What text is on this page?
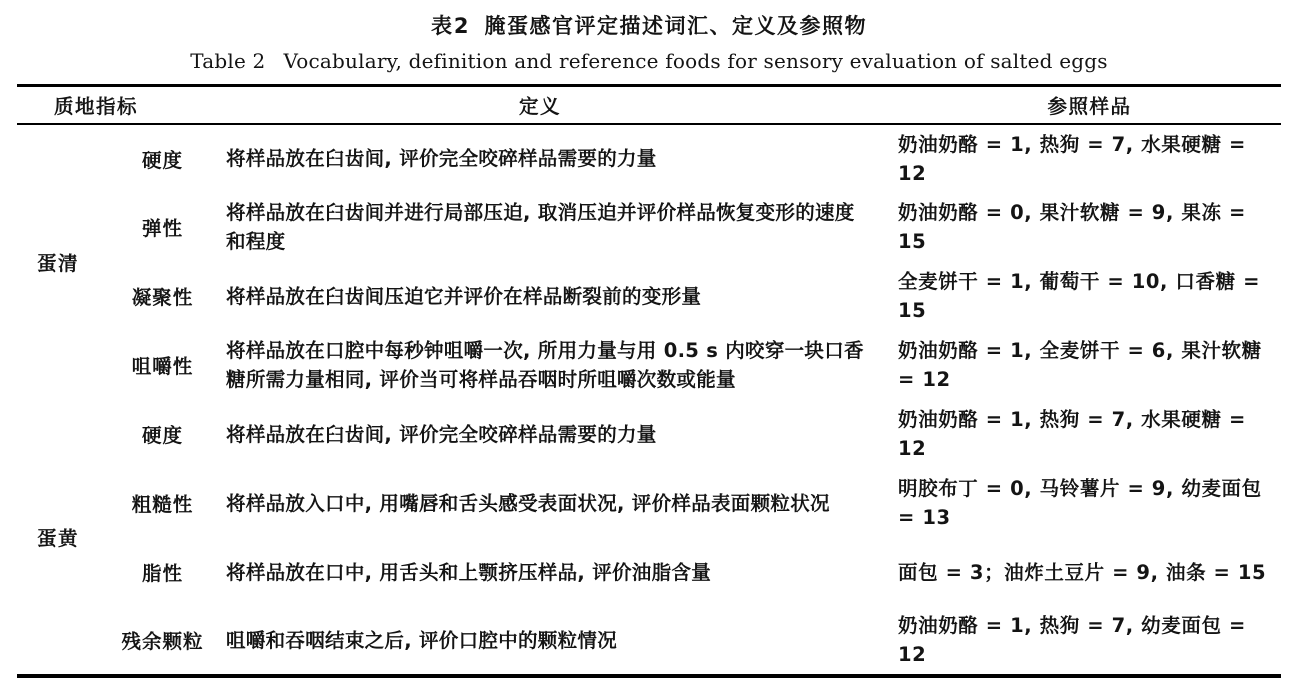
表2 腌蛋感官评定描述词汇、定义及参照物
Table 2 Vocabulary, definition and reference foods for sensory evaluation of salted eggs
质地指标		定义	参照样品
蛋清	硬度	将样品放在臼齿间, 评价完全咬碎样品需要的力量	奶油奶酪 = 1, 热狗 = 7, 水果硬糖 = 12
	弹性	将样品放在臼齿间并进行局部压迫, 取消压迫并评价样品恢复变形的速度和程度	奶油奶酪 = 0, 果汁软糖 = 9, 果冻 = 15
	凝聚性	将样品放在臼齿间压迫它并评价在样品断裂前的变形量	全麦饼干 = 1, 葡萄干 = 10, 口香糖 = 15
	咀嚼性	将样品放在口腔中每秒钟咀嚼一次, 所用力量与用 0.5 s 内咬穿一块口香糖所需力量相同, 评价当可将样品吞咽时所咀嚼次数或能量	奶油奶酪 = 1, 全麦饼干 = 6, 果汁软糖 = 12
蛋黄	硬度	将样品放在臼齿间, 评价完全咬碎样品需要的力量	奶油奶酪 = 1, 热狗 = 7, 水果硬糖 = 12
	粗糙性	将样品放入口中, 用嘴唇和舌头感受表面状况, 评价样品表面颗粒状况	明胶布丁 = 0, 马铃薯片 = 9, 幼麦面包 = 13
	脂性	将样品放在口中, 用舌头和上颚挤压样品, 评价油脂含量	面包 = 3；油炸土豆片 = 9, 油条 = 15
	残余颗粒	咀嚼和吞咽结束之后, 评价口腔中的颗粒情况	奶油奶酪 = 1, 热狗 = 7, 幼麦面包 = 12
